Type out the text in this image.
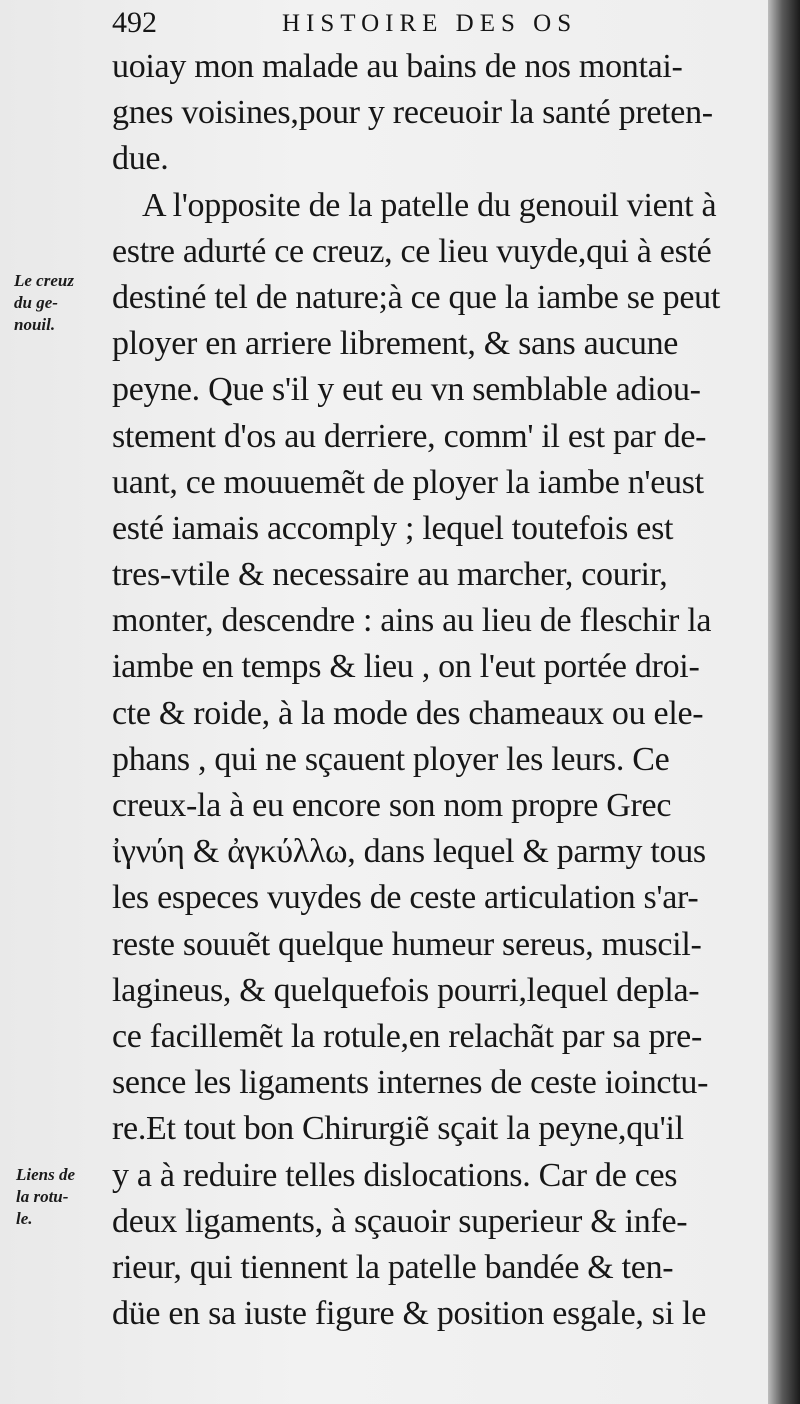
492	HISTOIRE DES OS
uoiay mon malade au bains de nos montai-
gnes voisines,pour y receuoir la santé preten-
due.
A l'opposite de la patelle du genouil vient à
estre adurté ce creuz, ce lieu vuyde,qui à esté
destiné tel de nature;à ce que la iambe se peut
ployer en arriere librement, & sans aucune
peyne. Que s'il y eut eu vn semblable adiou-
stement d'os au derriere, comm' il est par de-
uant, ce mouuemẽt de ployer la iambe n'eust
esté iamais accomply ; lequel toutefois est
tres-vtile & necessaire au marcher, courir,
monter, descendre : ains au lieu de fleschir la
iambe en temps & lieu , on l'eut portée droi-
cte & roide, à la mode des chameaux ou ele-
phans , qui ne sçauent ployer les leurs. Ce
creux-la à eu encore son nom propre Grec
ἰγνύη & ἀγκύλλω, dans lequel & parmy tous
les especes vuydes de ceste articulation s'ar-
reste souuẽt quelque humeur sereus, muscil-
lagineus, & quelquefois pourri,lequel depla-
ce facillemẽt la rotule,en relachãt par sa pre-
sence les ligaments internes de ceste ioinctu-
re.Et tout bon Chirurgiẽ sçait la peyne,qu'il
y a à reduire telles dislocations. Car de ces
deux ligaments, à sçauoir superieur & infe-
rieur, qui tiennent la patelle bandée & ten-
düe en sa iuste figure & position esgale, si le
Le creuz
du ge-
nouil.
Liens de
la rotu-
le.
